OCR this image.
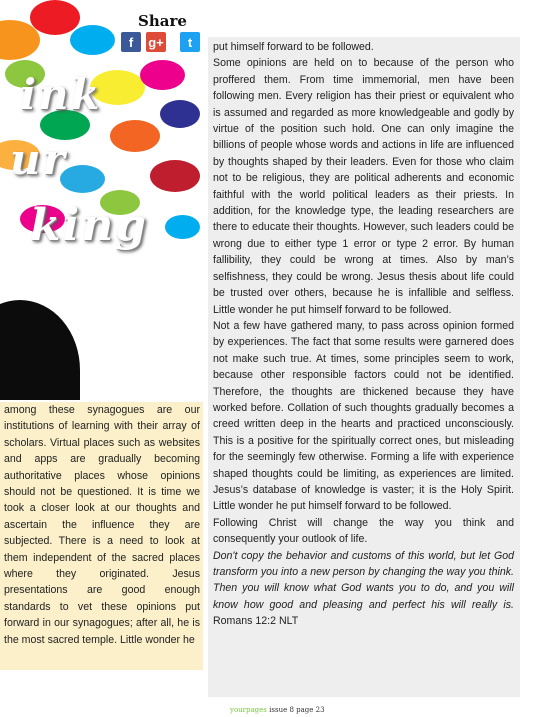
ink
ur
king
Share
f	g+	t

among these synagogues are our institutions of learning with their array of scholars. Virtual places such as websites and apps are gradually becoming authoritative places whose opinions should not be questioned. It is time we took a closer look at our thoughts and ascertain the influence they are subjected. There is a need to look at them independent of the sacred places where they originated. Jesus presentations are good enough standards to vet these opinions put forward in our synagogues; after all, he is the most sacred temple. Little wonder he

put himself forward to be followed.

Some opinions are held on to because of the person who proffered them. From time immemorial, men have been following men. Every religion has their priest or equivalent who is assumed and regarded as more knowledgeable and godly by virtue of the position such hold. One can only imagine the billions of people whose words and actions in life are influenced by thoughts shaped by their leaders. Even for those who claim not to be religious, they are political adherents and economic faithful with the world political leaders as their priests. In addition, for the knowledge type, the leading researchers are there to educate their thoughts. However, such leaders could be wrong due to either type 1 error or type 2 error. By human fallibility, they could be wrong at times. Also by man’s selfishness, they could be wrong. Jesus thesis about life could be trusted over others, because he is infallible and selfless. Little wonder he put himself forward to be followed.

Not a few have gathered many, to pass across opinion formed by experiences. The fact that some results were garnered does not make such true. At times, some principles seem to work, because other responsible factors could not be identified. Therefore, the thoughts are thickened because they have worked before. Collation of such thoughts gradually becomes a creed written deep in the hearts and practiced unconsciously. This is a positive for the spiritually correct ones, but misleading for the seemingly few otherwise. Forming a life with experience shaped thoughts could be limiting, as experiences are limited. Jesus’s database of knowledge is vaster; it is the Holy Spirit. Little wonder he put himself forward to be followed.

Following Christ will change the way you think and consequently your outlook of life.

Don't copy the behavior and customs of this world, but let God transform you into a new person by changing the way you think. Then you will know what God wants you to do, and you will know how good and pleasing and perfect his will really is. Romans 12:2 NLT

yourpages issue 8 page 23
